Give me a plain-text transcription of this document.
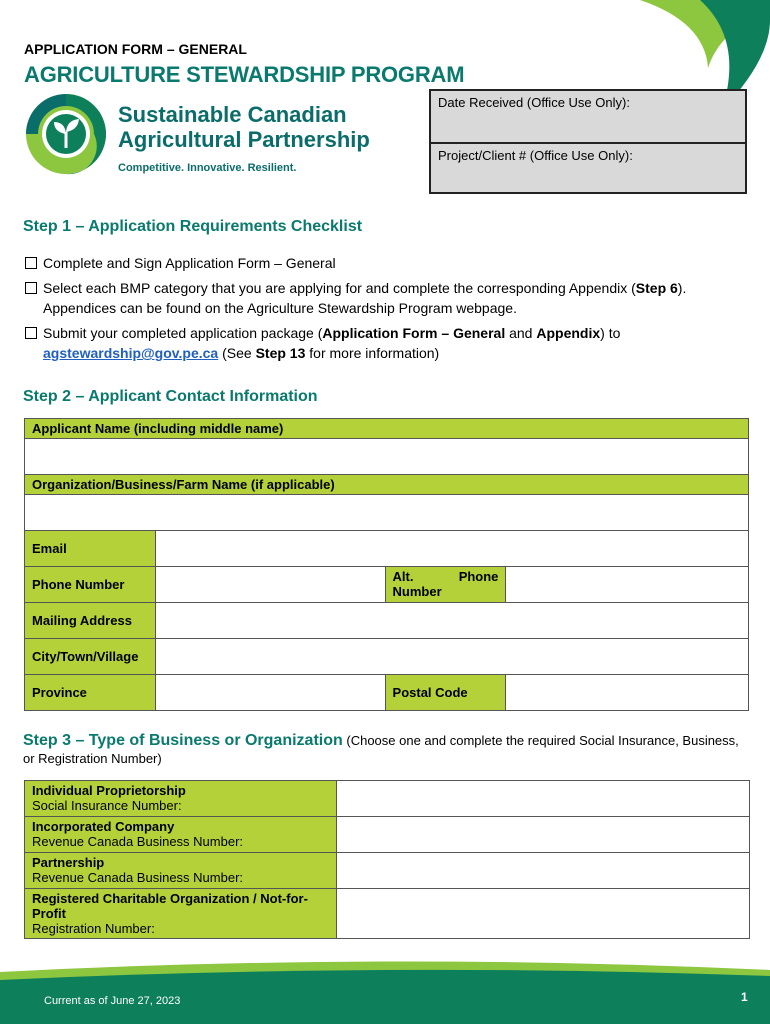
APPLICATION FORM – GENERAL
AGRICULTURE STEWARDSHIP PROGRAM
Sustainable Canadian
Agricultural Partnership
Competitive. Innovative. Resilient.
Date Received (Office Use Only):
Project/Client # (Office Use Only):
Step 1 – Application Requirements Checklist
Complete and Sign Application Form – General
Select each BMP category that you are applying for and complete the corresponding Appendix (Step 6). Appendices can be found on the Agriculture Stewardship Program webpage.
Submit your completed application package (Application Form – General and Appendix) to
agstewardship@gov.pe.ca (See Step 13 for more information)
Step 2 – Applicant Contact Information
Applicant Name (including middle name)			

Organization/Business/Farm Name (if applicable)			

Email			
Phone Number		Alt. Phone Number	
Mailing Address			
City/Town/Village			
Province		Postal Code	
Step 3 – Type of Business or Organization (Choose one and complete the required Social Insurance, Business, or Registration Number)
Individual Proprietorship
Social Insurance Number:	

Incorporated Company
Revenue Canada Business Number:	

Partnership
Revenue Canada Business Number:	

Registered Charitable Organization / Not-for-Profit
Registration Number:	

Current as of June 27, 2023	1
